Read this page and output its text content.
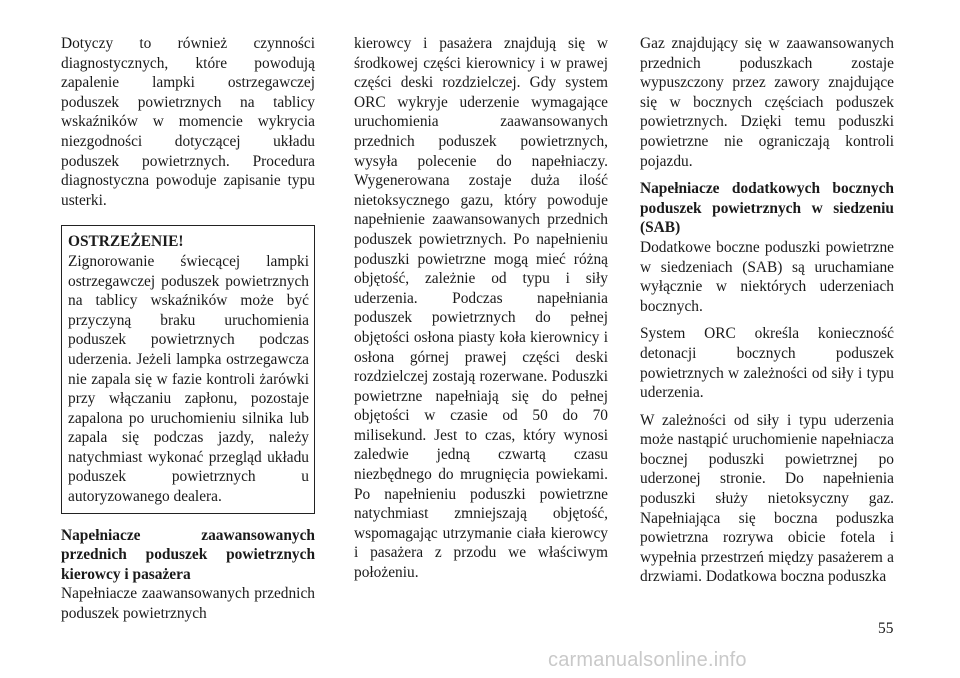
Dotyczy to również czynności diagnostycznych, które powodują zapalenie lampki ostrzegawczej poduszek powietrznych na tablicy wskaźników w momencie wykrycia niezgodności dotyczącej układu poduszek powietrznych. Procedura diagnostyczna powoduje zapisanie typu usterki.

OSTRZEŻENIE!

Zignorowanie świecącej lampki ostrzegawczej poduszek powietrznych na tablicy wskaźników może być przyczyną braku uruchomienia poduszek powietrznych podczas uderzenia. Jeżeli lampka ostrzegawcza nie zapala się w fazie kontroli żarówki przy włączaniu zapłonu, pozostaje zapalona po uruchomieniu silnika lub zapala się podczas jazdy, należy natychmiast wykonać przegląd układu poduszek powietrznych u autoryzowanego dealera.

Napełniacze zaawansowanych przednich poduszek powietrznych kierowcy i pasażera

Napełniacze zaawansowanych przednich poduszek powietrznych

kierowcy i pasażera znajdują się w środkowej części kierownicy i w prawej części deski rozdzielczej. Gdy system ORC wykryje uderzenie wymagające uruchomienia zaawansowanych przednich poduszek powietrznych, wysyła polecenie do napełniaczy. Wygenerowana zostaje duża ilość nietoksycznego gazu, który powoduje napełnienie zaawansowanych przednich poduszek powietrznych. Po napełnieniu poduszki powietrzne mogą mieć różną objętość, zależnie od typu i siły uderzenia. Podczas napełniania poduszek powietrznych do pełnej objętości osłona piasty koła kierownicy i osłona górnej prawej części deski rozdzielczej zostają rozerwane. Poduszki powietrzne napełniają się do pełnej objętości w czasie od 50 do 70 milisekund. Jest to czas, który wynosi zaledwie jedną czwartą czasu niezbędnego do mrugnięcia powiekami. Po napełnieniu poduszki powietrzne natychmiast zmniejszają objętość, wspomagając utrzymanie ciała kierowcy i pasażera z przodu we właściwym położeniu.

Gaz znajdujący się w zaawansowanych przednich poduszkach zostaje wypuszczony przez zawory znajdujące się w bocznych częściach poduszek powietrznych. Dzięki temu poduszki powietrzne nie ograniczają kontroli pojazdu.

Napełniacze dodatkowych bocznych poduszek powietrznych w siedzeniu (SAB)

Dodatkowe boczne poduszki powietrzne w siedzeniach (SAB) są uruchamiane wyłącznie w niektórych uderzeniach bocznych.

System ORC określa konieczność detonacji bocznych poduszek powietrznych w zależności od siły i typu uderzenia.

W zależności od siły i typu uderzenia może nastąpić uruchomienie napełniacza bocznej poduszki powietrznej po uderzonej stronie. Do napełnienia poduszki służy nietoksyczny gaz. Napełniająca się boczna poduszka powietrzna rozrywa obicie fotela i wypełnia przestrzeń między pasażerem a drzwiami. Dodatkowa boczna poduszka

55
carmanualsonline.info
